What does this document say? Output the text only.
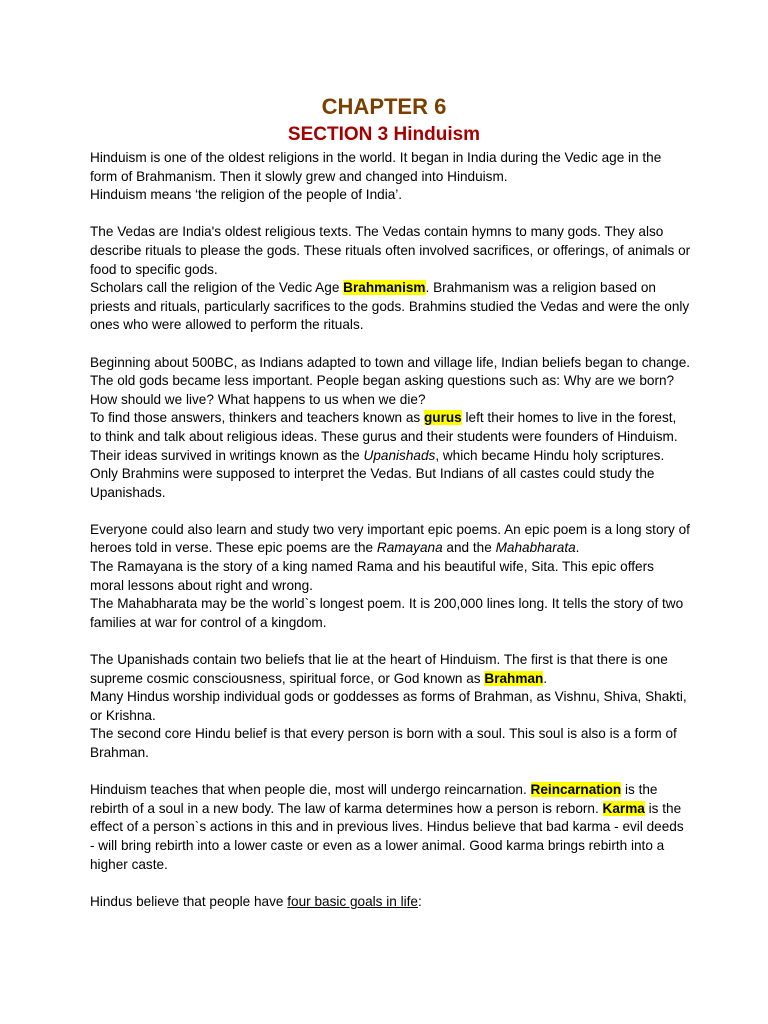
CHAPTER 6
SECTION 3 Hinduism

Hinduism is one of the oldest religions in the world. It began in India during the Vedic age in the

form of Brahmanism. Then it slowly grew and changed into Hinduism.

Hinduism means ‘the religion of the people of India’.

The Vedas are India's oldest religious texts. The Vedas contain hymns to many gods. They also

describe rituals to please the gods. These rituals often involved sacrifices, or offerings, of animals or

food to specific gods.

Scholars call the religion of the Vedic Age Brahmanism. Brahmanism was a religion based on

priests and rituals, particularly sacrifices to the gods. Brahmins studied the Vedas and were the only

ones who were allowed to perform the rituals.

Beginning about 500BC, as Indians adapted to town and village life, Indian beliefs began to change.

The old gods became less important. People began asking questions such as: Why are we born?

How should we live? What happens to us when we die?

To find those answers, thinkers and teachers known as gurus left their homes to live in the forest,

to think and talk about religious ideas. These gurus and their students were founders of Hinduism.

Their ideas survived in writings known as the Upanishads, which became Hindu holy scriptures.

Only Brahmins were supposed to interpret the Vedas. But Indians of all castes could study the

Upanishads.

Everyone could also learn and study two very important epic poems. An epic poem is a long story of

heroes told in verse. These epic poems are the Ramayana and the Mahabharata.

The Ramayana is the story of a king named Rama and his beautiful wife, Sita. This epic offers

moral lessons about right and wrong.

The Mahabharata may be the world`s longest poem. It is 200,000 lines long. It tells the story of two

families at war for control of a kingdom.

The Upanishads contain two beliefs that lie at the heart of Hinduism. The first is that there is one

supreme cosmic consciousness, spiritual force, or God known as Brahman.

Many Hindus worship individual gods or goddesses as forms of Brahman, as Vishnu, Shiva, Shakti,

or Krishna.

The second core Hindu belief is that every person is born with a soul. This soul is also is a form of

Brahman.

Hinduism teaches that when people die, most will undergo reincarnation. Reincarnation is the

rebirth of a soul in a new body. The law of karma determines how a person is reborn. Karma is the

effect of a person`s actions in this and in previous lives. Hindus believe that bad karma - evil deeds

- will bring rebirth into a lower caste or even as a lower animal. Good karma brings rebirth into a

higher caste.

Hindus believe that people have four basic goals in life:
